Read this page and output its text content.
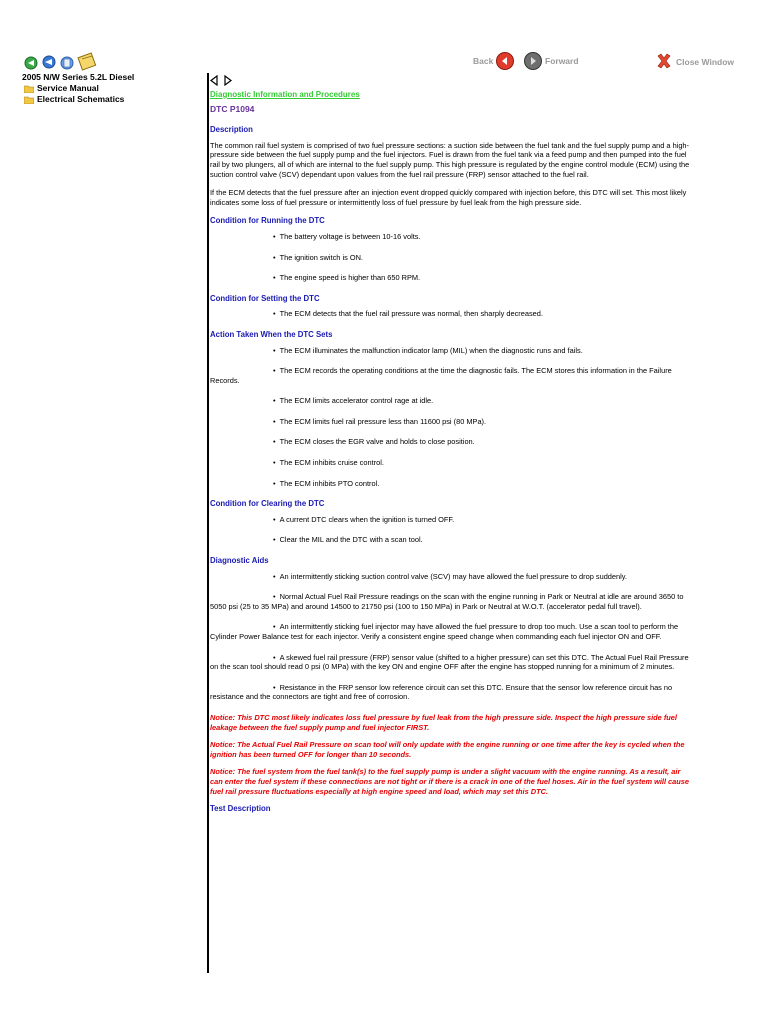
2005 N/W Series 5.2L Diesel
Service Manual
Electrical Schematics
Back	Forward	Close Window
Diagnostic Information and Procedures
DTC P1094
Description

The common rail fuel system is comprised of two fuel pressure sections: a suction side between the fuel tank and the fuel supply pump and a high-pressure side between the fuel supply pump and the fuel injectors. Fuel is drawn from the fuel tank via a feed pump and then pumped into the fuel rail by two plungers, all of which are internal to the fuel supply pump. This high pressure is regulated by the engine control module (ECM) using the suction control valve (SCV) dependant upon values from the fuel rail pressure (FRP) sensor attached to the fuel rail.

If the ECM detects that the fuel pressure after an injection event dropped quickly compared with injection before, this DTC will set. This most likely indicates some loss of fuel pressure or intermittently loss of fuel pressure by fuel leak from the high pressure side.

Condition for Running the DTC
• The battery voltage is between 10-16 volts.
• The ignition switch is ON.
• The engine speed is higher than 650 RPM.
Condition for Setting the DTC
• The ECM detects that the fuel rail pressure was normal, then sharply decreased.
Action Taken When the DTC Sets
• The ECM illuminates the malfunction indicator lamp (MIL) when the diagnostic runs and fails.
• The ECM records the operating conditions at the time the diagnostic fails. The ECM stores this information in the Failure Records.
• The ECM limits accelerator control rage at idle.
• The ECM limits fuel rail pressure less than 11600 psi (80 MPa).
• The ECM closes the EGR valve and holds to close position.
• The ECM inhibits cruise control.
• The ECM inhibits PTO control.
Condition for Clearing the DTC
• A current DTC clears when the ignition is turned OFF.
• Clear the MIL and the DTC with a scan tool.
Diagnostic Aids
• An intermittently sticking suction control valve (SCV) may have allowed the fuel pressure to drop suddenly.
• Normal Actual Fuel Rail Pressure readings on the scan with the engine running in Park or Neutral at idle are around 3650 to 5050 psi (25 to 35 MPa) and around 14500 to 21750 psi (100 to 150 MPa) in Park or Neutral at W.O.T. (accelerator pedal full travel).
• An intermittently sticking fuel injector may have allowed the fuel pressure to drop too much. Use a scan tool to perform the Cylinder Power Balance test for each injector. Verify a consistent engine speed change when commanding each fuel injector ON and OFF.
• A skewed fuel rail pressure (FRP) sensor value (shifted to a higher pressure) can set this DTC. The Actual Fuel Rail Pressure on the scan tool should read 0 psi (0 MPa) with the key ON and engine OFF after the engine has stopped running for a minimum of 2 minutes.
• Resistance in the FRP sensor low reference circuit can set this DTC. Ensure that the sensor low reference circuit has no resistance and the connectors are tight and free of corrosion.

Notice: This DTC most likely indicates loss fuel pressure by fuel leak from the high pressure side. Inspect the high pressure side fuel leakage between the fuel supply pump and fuel injector FIRST.

Notice: The Actual Fuel Rail Pressure on scan tool will only update with the engine running or one time after the key is cycled when the ignition has been turned OFF for longer than 10 seconds.

Notice: The fuel system from the fuel tank(s) to the fuel supply pump is under a slight vacuum with the engine running. As a result, air can enter the fuel system if these connections are not tight or if there is a crack in one of the fuel hoses. Air in the fuel system will cause fuel rail pressure fluctuations especially at high engine speed and load, which may set this DTC.

Test Description
